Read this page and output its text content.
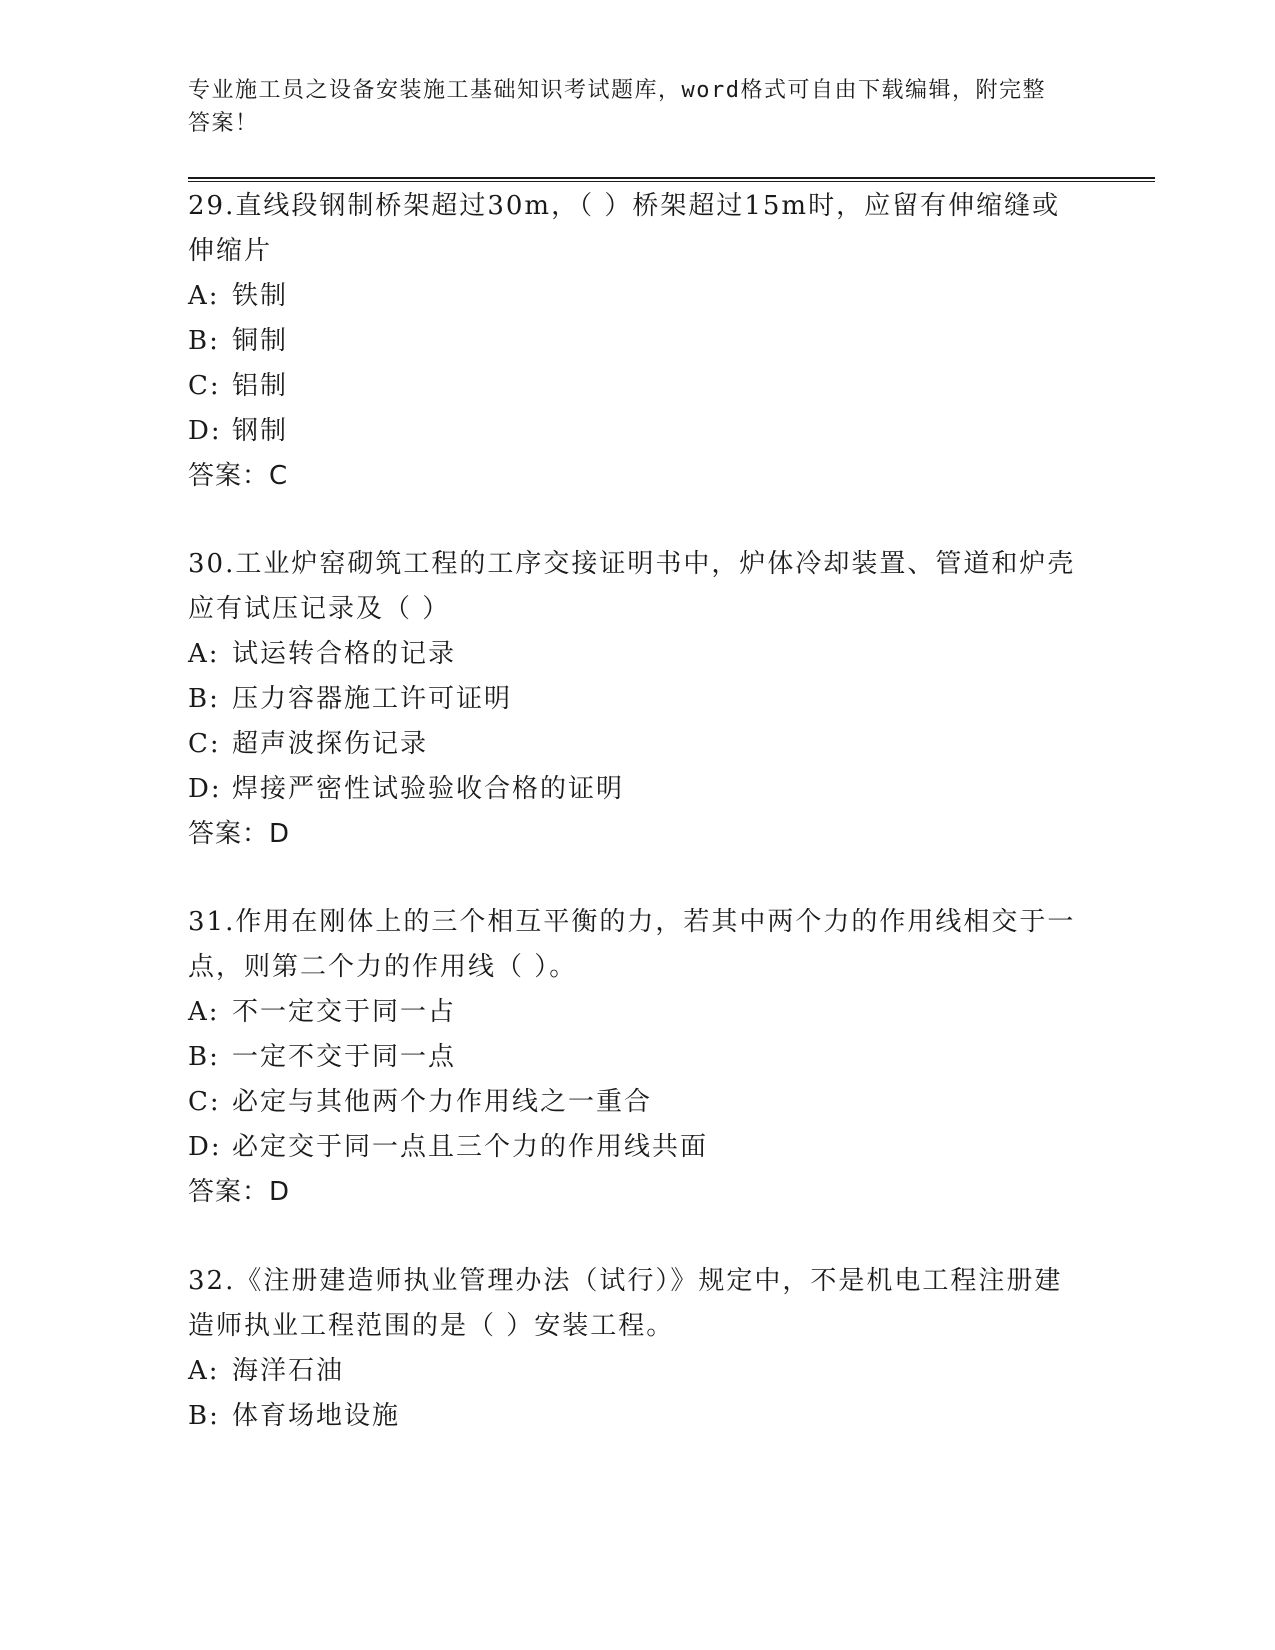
专业施工员之设备安装施工基础知识考试题库，word格式可自由下载编辑，附完整答案！

29.直线段钢制桥架超过30m，（ ）桥架超过15m时，应留有伸缩缝或伸缩片

A: 铁制

B: 铜制

C: 铝制

D: 钢制

答案：C

30.工业炉窑砌筑工程的工序交接证明书中，炉体冷却装置、管道和炉壳应有试压记录及（ ）

A: 试运转合格的记录

B: 压力容器施工许可证明

C: 超声波探伤记录

D: 焊接严密性试验验收合格的证明

答案：D

31.作用在刚体上的三个相互平衡的力，若其中两个力的作用线相交于一点，则第二个力的作用线（ ）。

A: 不一定交于同一占

B: 一定不交于同一点

C: 必定与其他两个力作用线之一重合

D: 必定交于同一点且三个力的作用线共面

答案：D

32.《注册建造师执业管理办法（试行）》规定中，不是机电工程注册建造师执业工程范围的是（ ）安装工程。

A: 海洋石油

B: 体育场地设施
